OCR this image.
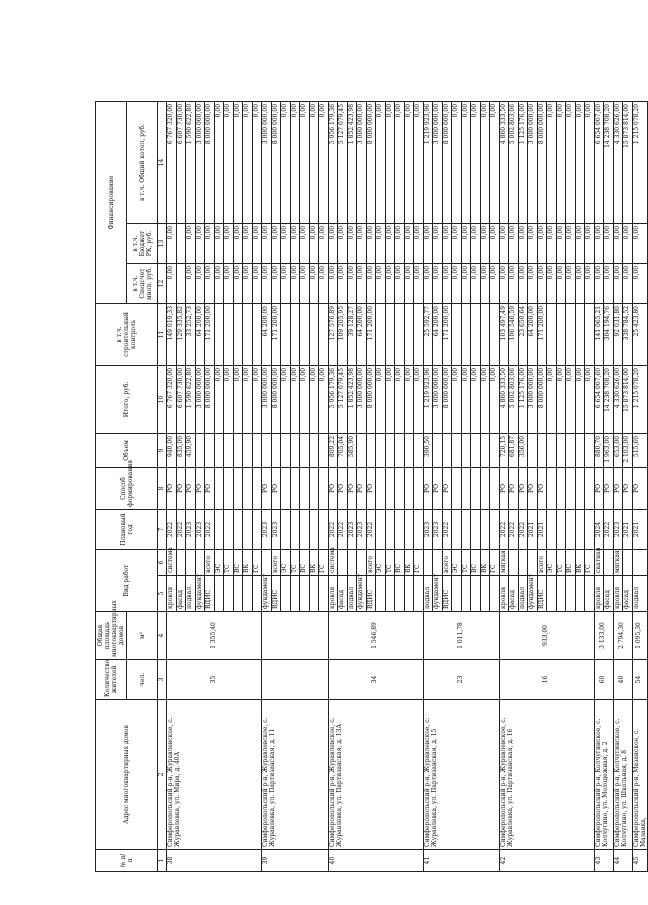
№ п/п	Адрес многоквартирных домов	Количество жителей	Общая площадь многоквартирных домов	Вид работ		Плановый год	Способ формирования	Объем	Итого, руб.	в т.ч. строительный контроль	Финансирование		
		чел.	м²								в т.ч. Спецсчет мноп. руб.	в т.ч. Бюджет РК, руб.	в т.ч. Общий котел, руб.
1	2	3	4	5	6	7	8	9	10	11	12	13	14
38	Симферопольский р-н, Журавлевское, с. Журавлевка, ул. Мира, д. 40А	35	1 355,40	кровля	система	2022	РО	940,00	6 767 320,00	149 019,33	0,00	0,00	6 767 320,00
				фасад		2022	РО	835,00	6 607 730,00	129 335,82			6 607 730,00
				подвал		2023	РО	459,90	1 590 622,80	33 252,73	0,00	0,00	1 590 622,80
				фундамент		2023	РО		3 000 000,00	64 200,00	0,00	0,00	3 000 000,00
				ВДИС	всего	2022	РО		8 000 000,00	171 200,00	0,00	0,00	8 000 000,00
					ЭС				0,00		0,00	0,00	0,00
					ТС				0,00		0,00	0,00	0,00
					ВС				0,00		0,00	0,00	0,00
					ВК				0,00		0,00	0,00	0,00
					ГС				0,00		0,00	0,00	0,00
39	Симферопольский р-н, Журавлевское, с. Журавлевка, ул. Партизанская, д. 11			фундамент		2023	РО		3 000 000,00	64 200,00	0,00	0,00	3 000 000,00
				ВДИС	всего	2023	РО		8 000 000,00	171 200,00	0,00	0,00	8 000 000,00
					ЭС				0,00		0,00	0,00	0,00
					ТС				0,00		0,00	0,00	0,00
					ВС				0,00		0,00	0,00	0,00
					ВК				0,00		0,00	0,00	0,00
					ГС				0,00		0,00	0,00	0,00
40	Симферопольский р-н, Журавлевское, с. Журавлевка, ул. Партизанская, д. 13А	34	1 546,89	кровля	система	2022	РО	809,22	5 956 179,36	127 576,89	0,00	0,00	5 956 179,36
				фасад		2022	РО	705,04	5 127 079,45	109 205,95	0,00	0,00	5 127 079,45
				подвал		2023	РО	585,90	1 852 423,98	39 128,27	0,00	0,00	1 852 423,98
				фундамент		2023	РО		3 000 000,00	64 200,00	0,00	0,00	3 000 000,00
				ВДИС	всего	2022	РО		8 000 000,00	171 200,00	0,00	0,00	8 000 000,00
					ЭС				0,00		0,00	0,00	0,00
					ТС				0,00		0,00	0,00	0,00
					ВС				0,00		0,00	0,00	0,00
					ВК				0,00		0,00	0,00	0,00
					ГС				0,00		0,00	0,00	0,00
41	Симферопольский р-н, Журавлевское, с. Журавлевка, ул. Партизанская, д. 15	23	1 011,78	подвал		2023	РО	390,50	1 219 923,96	25 592,77	0,00	0,00	1 219 923,96
				фундамент		2023	РО		3 000 000,00	64 200,00	0,00	0,00	3 000 000,00
				ВДИС	всего	2022	РО		8 000 000,00	171 200,00	0,00	0,00	8 000 000,00
					ЭС				0,00		0,00	0,00	0,00
					ТС				0,00		0,00	0,00	0,00
					ВС				0,00		0,00	0,00	0,00
					ВК				0,00		0,00	0,00	0,00
					ГС				0,00		0,00	0,00	0,00
42	Симферопольский р-н, Журавлевское, с. Журавлевка, ул. Партизанская, д. 16	16	933,00	кровля	мягкая	2022	РО	720,15	4 860 333,50	103 497,49	0,00	0,00	4 860 333,50
				фасад		2022	РО	681,87	5 002 803,06	106 546,59	0,00	0,00	5 002 803,06
				подвал		2022	РО	356,00	1 125 176,00	23 650,64	0,00	0,00	1 125 176,00
				фундамент		2021	РО		3 000 000,00	64 200,00	0,00	0,00	3 000 000,00
				ВДИС	всего	2021	РО		8 000 000,00	171 200,00	0,00	0,00	8 000 000,00
					ЭС				0,00		0,00	0,00	0,00
					ТС				0,00		0,00	0,00	0,00
					ВС				0,00		0,00	0,00	0,00
					ВК				0,00		0,00	0,00	0,00
					ГС				0,00		0,00	0,00	0,00
43	Симферопольский р-н, Колчугинское, с. Колчугино, ул. Молодежная, д. 2	60	3 133,00	кровля	скатная	2024	РО	880,70	6 654 007,60	141 065,21	0,00	0,00	6 654 007,60
				фасад		2022	РО	1 963,00	14 238 708,20	304 194,76	0,00	0,00	14 238 708,20
44	Симферопольский р-н, Колчугинское, с. Колчугино, ул. Школьная, д. 8	40	2 794,30	кровля	мягкая	2023	РО	653,00	4 330 626,00	92 031,80	0,00	0,00	4 330 626,00
				фасад		2021	РО	2 103,00	15 873 814,00	338 784,52	0,00	0,00	15 873 814,00
45	Симферопольский р-н, Мазанское, с. Мазанка,	54	1 095,30	подвал		2021	РО	515,60	1 215 078,20	25 423,80	0,00	0,00	1 215 078,20
